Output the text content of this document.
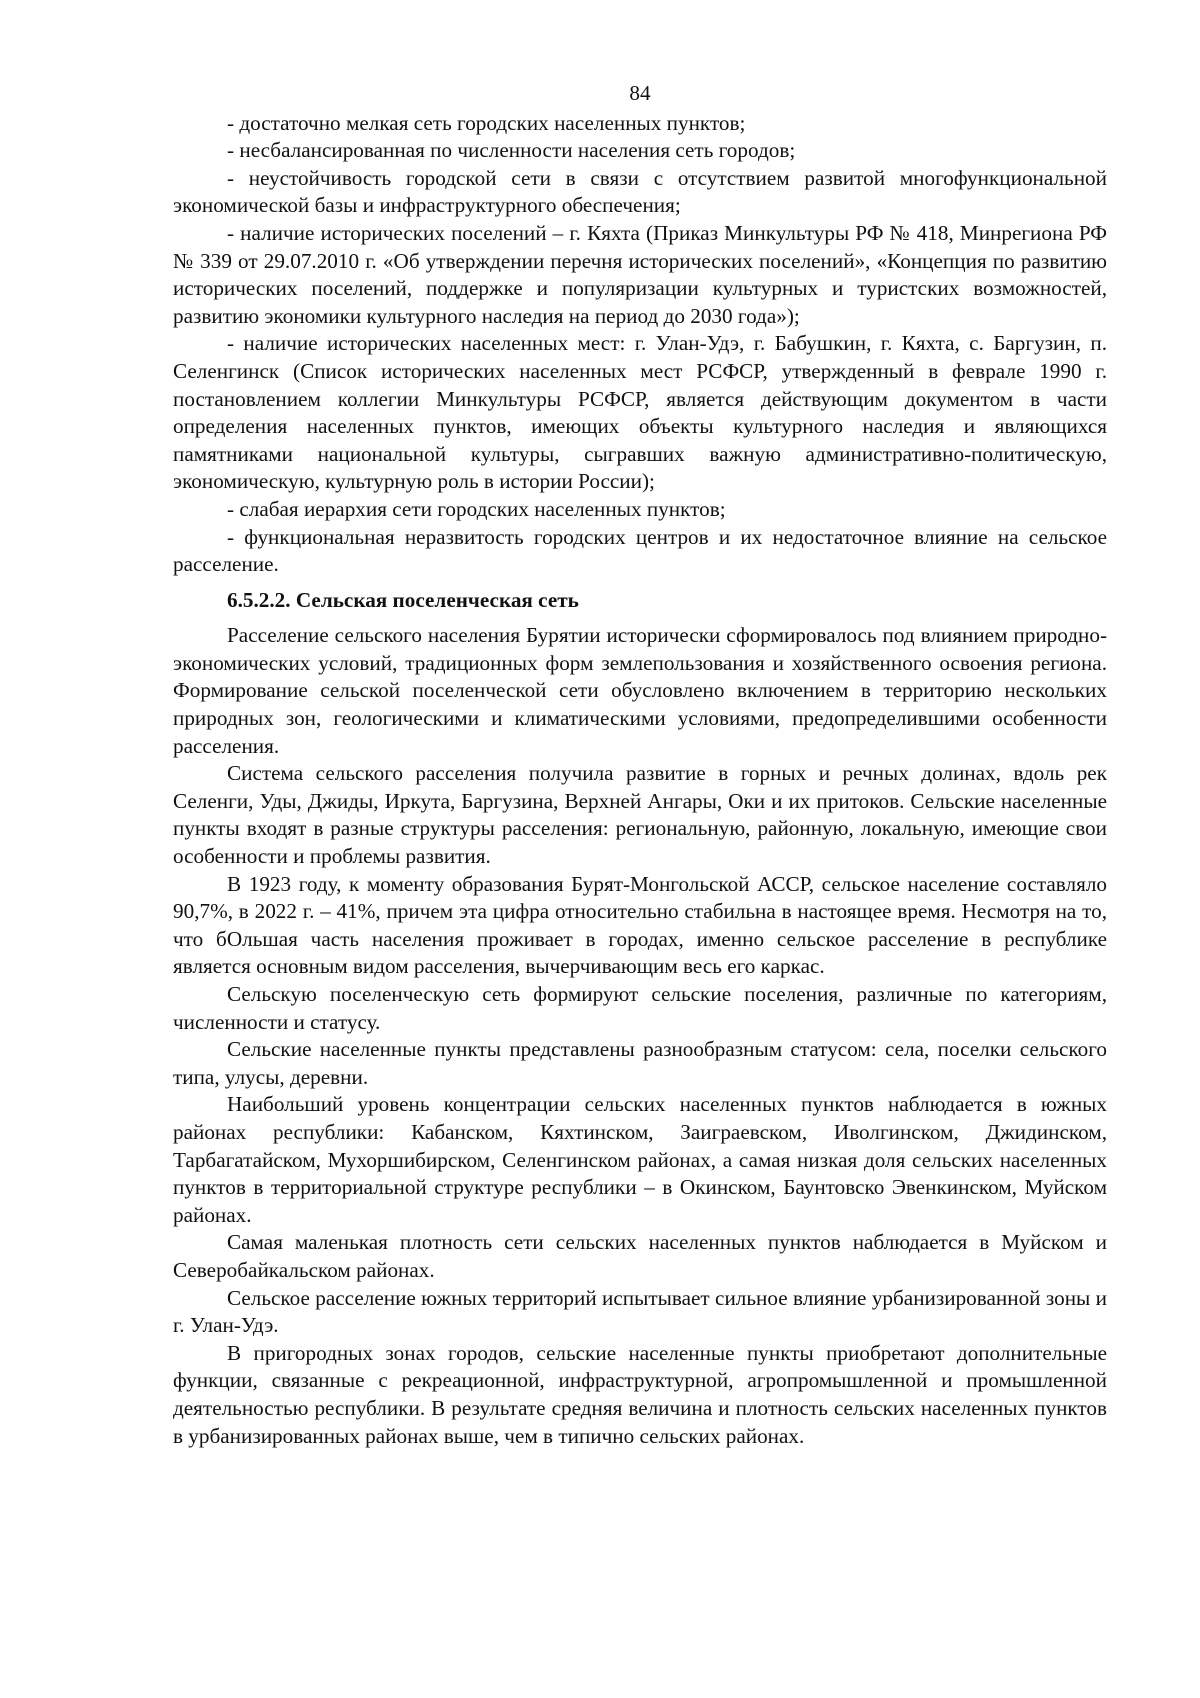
84

- достаточно мелкая сеть городских населенных пунктов;

- несбалансированная по численности населения сеть городов;

- неустойчивость городской сети в связи с отсутствием развитой многофункциональной экономической базы и инфраструктурного обеспечения;

- наличие исторических поселений – г. Кяхта (Приказ Минкультуры РФ № 418, Минрегиона РФ № 339 от 29.07.2010 г. «Об утверждении перечня исторических поселений», «Концепция по развитию исторических поселений, поддержке и популяризации культурных и туристских возможностей, развитию экономики культурного наследия на период до 2030 года»);

- наличие исторических населенных мест: г. Улан-Удэ, г. Бабушкин, г. Кяхта, с. Баргузин, п. Селенгинск (Список исторических населенных мест РСФСР, утвержденный в феврале 1990 г. постановлением коллегии Минкультуры РСФСР, является действующим документом в части определения населенных пунктов, имеющих объекты культурного наследия и являющихся памятниками национальной культуры, сыгравших важную административно-политическую, экономическую, культурную роль в истории России);

- слабая иерархия сети городских населенных пунктов;

- функциональная неразвитость городских центров и их недостаточное влияние на сельское расселение.

6.5.2.2. Сельская поселенческая сеть

Расселение сельского населения Бурятии исторически сформировалось под влиянием природно-экономических условий, традиционных форм землепользования и хозяйственного освоения региона. Формирование сельской поселенческой сети обусловлено включением в территорию нескольких природных зон, геологическими и климатическими условиями, предопределившими особенности расселения.

Система сельского расселения получила развитие в горных и речных долинах, вдоль рек Селенги, Уды, Джиды, Иркута, Баргузина, Верхней Ангары, Оки и их притоков. Сельские населенные пункты входят в разные структуры расселения: региональную, районную, локальную, имеющие свои особенности и проблемы развития.

В 1923 году, к моменту образования Бурят-Монгольской АССР, сельское население составляло 90,7%, в 2022 г. – 41%, причем эта цифра относительно стабильна в настоящее время. Несмотря на то, что бОльшая часть населения проживает в городах, именно сельское расселение в республике является основным видом расселения, вычерчивающим весь его каркас.

Сельскую поселенческую сеть формируют сельские поселения, различные по категориям, численности и статусу.

Сельские населенные пункты представлены разнообразным статусом: села, поселки сельского типа, улусы, деревни.

Наибольший уровень концентрации сельских населенных пунктов наблюдается в южных районах республики: Кабанском, Кяхтинском, Заиграевском, Иволгинском, Джидинском, Тарбагатайском, Мухоршибирском, Селенгинском районах, а самая низкая доля сельских населенных пунктов в территориальной структуре республики – в Окинском, Баунтовско Эвенкинском, Муйском районах.

Самая маленькая плотность сети сельских населенных пунктов наблюдается в Муйском и Северобайкальском районах.

Сельское расселение южных территорий испытывает сильное влияние урбанизированной зоны и г. Улан-Удэ.

В пригородных зонах городов, сельские населенные пункты приобретают дополнительные функции, связанные с рекреационной, инфраструктурной, агропромышленной и промышленной деятельностью республики. В результате средняя величина и плотность сельских населенных пунктов в урбанизированных районах выше, чем в типично сельских районах.
